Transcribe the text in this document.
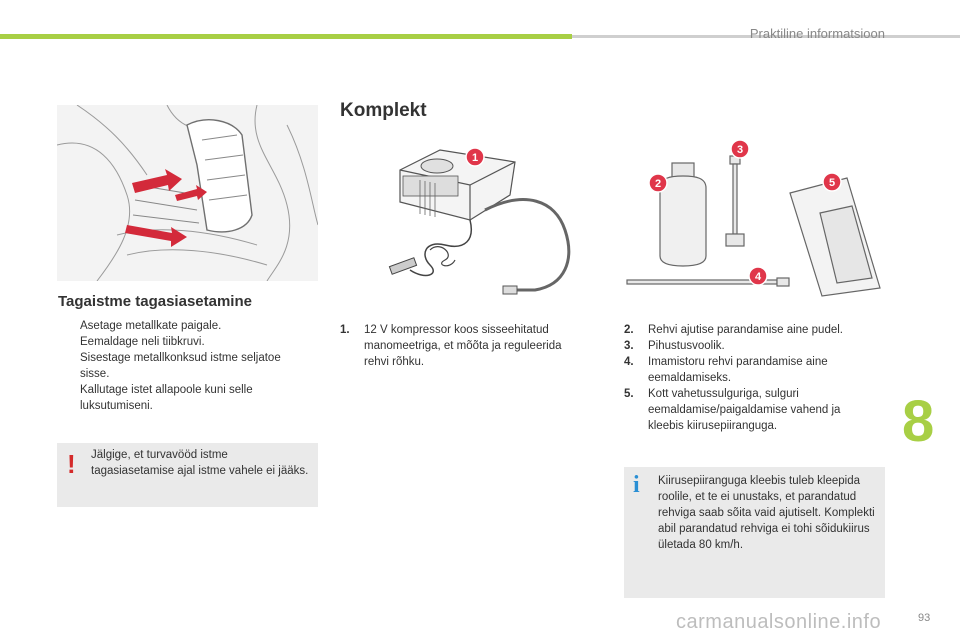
Praktiline informatsioon
Tagaistme tagasiasetamine
Asetage metallkate paigale.
Eemaldage neli tiibkruvi.
Sisestage metallkonksud istme seljatoe sisse.
Kallutage istet allapoole kuni selle luksutumiseni.
! Jälgige, et turvavööd istme tagasiasetamise ajal istme vahele ei jääks.
Komplekt
1
2
3
4
5
1. 12 V kompressor koos sisseehitatud manomeetriga, et mõõta ja reguleerida rehvi rõhku.
2. Rehvi ajutise parandamise aine pudel.
3. Pihustusvoolik.
4. Imamistoru rehvi parandamise aine eemaldamiseks.
5. Kott vahetussulguriga, sulguri eemaldamise/paigaldamise vahend ja kleebis kiirusepiiranguga.
i Kiirusepiiranguga kleebis tuleb kleepida roolile, et te ei unustaks, et parandatud rehviga saab sõita vaid ajutiselt. Komplekti abil parandatud rehviga ei tohi sõidukiirus ületada 80 km/h.
8
carmanualsonline.info	93
